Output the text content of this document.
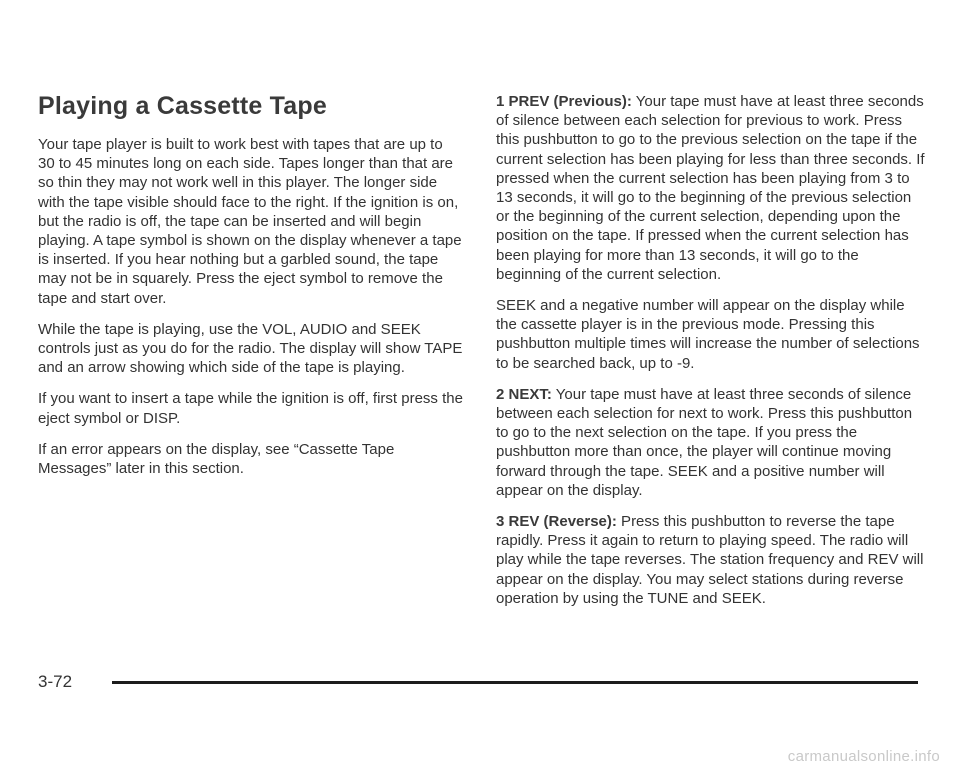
Playing a Cassette Tape

Your tape player is built to work best with tapes that are up to 30 to 45 minutes long on each side. Tapes longer than that are so thin they may not work well in this player. The longer side with the tape visible should face to the right. If the ignition is on, but the radio is off, the tape can be inserted and will begin playing. A tape symbol is shown on the display whenever a tape is inserted. If you hear nothing but a garbled sound, the tape may not be in squarely. Press the eject symbol to remove the tape and start over.

While the tape is playing, use the VOL, AUDIO and SEEK controls just as you do for the radio. The display will show TAPE and an arrow showing which side of the tape is playing.

If you want to insert a tape while the ignition is off, first press the eject symbol or DISP.

If an error appears on the display, see “Cassette Tape Messages” later in this section.

1 PREV (Previous): Your tape must have at least three seconds of silence between each selection for previous to work. Press this pushbutton to go to the previous selection on the tape if the current selection has been playing for less than three seconds. If pressed when the current selection has been playing from 3 to 13 seconds, it will go to the beginning of the previous selection or the beginning of the current selection, depending upon the position on the tape. If pressed when the current selection has been playing for more than 13 seconds, it will go to the beginning of the current selection.

SEEK and a negative number will appear on the display while the cassette player is in the previous mode. Pressing this pushbutton multiple times will increase the number of selections to be searched back, up to -9.

2 NEXT: Your tape must have at least three seconds of silence between each selection for next to work. Press this pushbutton to go to the next selection on the tape. If you press the pushbutton more than once, the player will continue moving forward through the tape. SEEK and a positive number will appear on the display.

3 REV (Reverse): Press this pushbutton to reverse the tape rapidly. Press it again to return to playing speed. The radio will play while the tape reverses. The station frequency and REV will appear on the display. You may select stations during reverse operation by using the TUNE and SEEK.

3-72
carmanualsonline.info
